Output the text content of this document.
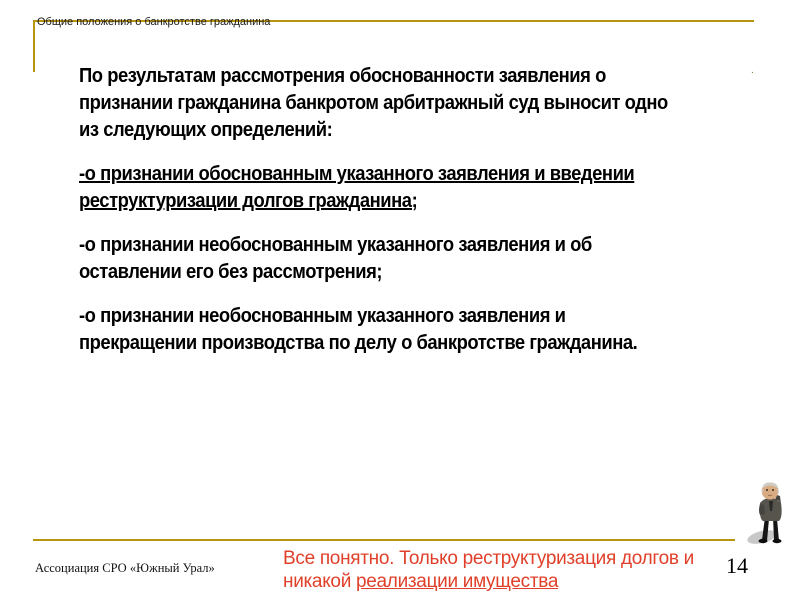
Общие положения о банкротстве гражданина
.

По результатам рассмотрения обоснованности заявления о признании гражданина банкротом арбитражный суд выносит одно из следующих определений:

-о признании обоснованным указанного заявления и введении реструктуризации долгов гражданина;

-о признании необоснованным указанного заявления и об оставлении его без рассмотрения;

-о признании необоснованным указанного заявления и прекращении производства по делу о банкротстве гражданина.

Ассоциация СРО «Южный Урал»	Все понятно. Только реструктуризация долгов и
никакой реализации имущества
14
